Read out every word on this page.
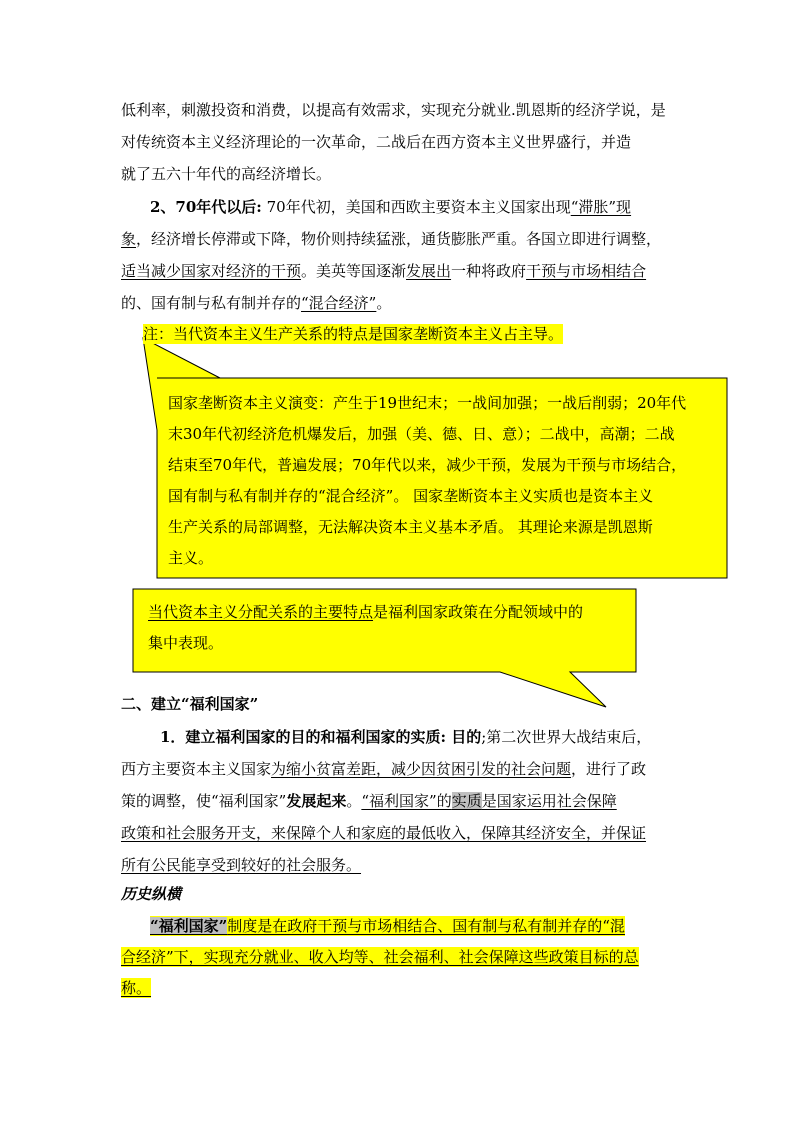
低利率，刺激投资和消费，以提高有效需求，实现充分就业.凯恩斯的经济学说，是
对传统资本主义经济理论的一次革命，二战后在西方资本主义世界盛行，并造
就了五六十年代的高经济增长。
2、70年代以后: 70年代初，美国和西欧主要资本主义国家出现“滞胀”现
象，经济增长停滞或下降，物价则持续猛涨，通货膨胀严重。各国立即进行调整，
适当减少国家对经济的干预。美英等国逐渐发展出一种将政府干预与市场相结合
的、国有制与私有制并存的“混合经济”。
注：当代资本主义生产关系的特点是国家垄断资本主义占主导。
国家垄断资本主义演变：产生于19世纪末；一战间加强；一战后削弱；20年代
末30年代初经济危机爆发后，加强（美、德、日、意）；二战中，高潮；二战
结束至70年代，普遍发展；70年代以来，减少干预，发展为干预与市场结合，
国有制与私有制并存的“混合经济”。 国家垄断资本主义实质也是资本主义
生产关系的局部调整，无法解决资本主义基本矛盾。 其理论来源是凯恩斯
主义。
当代资本主义分配关系的主要特点是福利国家政策在分配领域中的
集中表现。
二、建立“福利国家”
1．建立福利国家的目的和福利国家的实质: 目的;第二次世界大战结束后，
西方主要资本主义国家为缩小贫富差距，减少因贫困引发的社会问题，进行了政
策的调整，使“福利国家”发展起来。“福利国家”的实质是国家运用社会保障
政策和社会服务开支，来保障个人和家庭的最低收入，保障其经济安全，并保证
所有公民能享受到较好的社会服务。
历史纵横
“福利国家”制度是在政府干预与市场相结合、国有制与私有制并存的“混
合经济”下，实现充分就业、收入均等、社会福利、社会保障这些政策目标的总
称。
